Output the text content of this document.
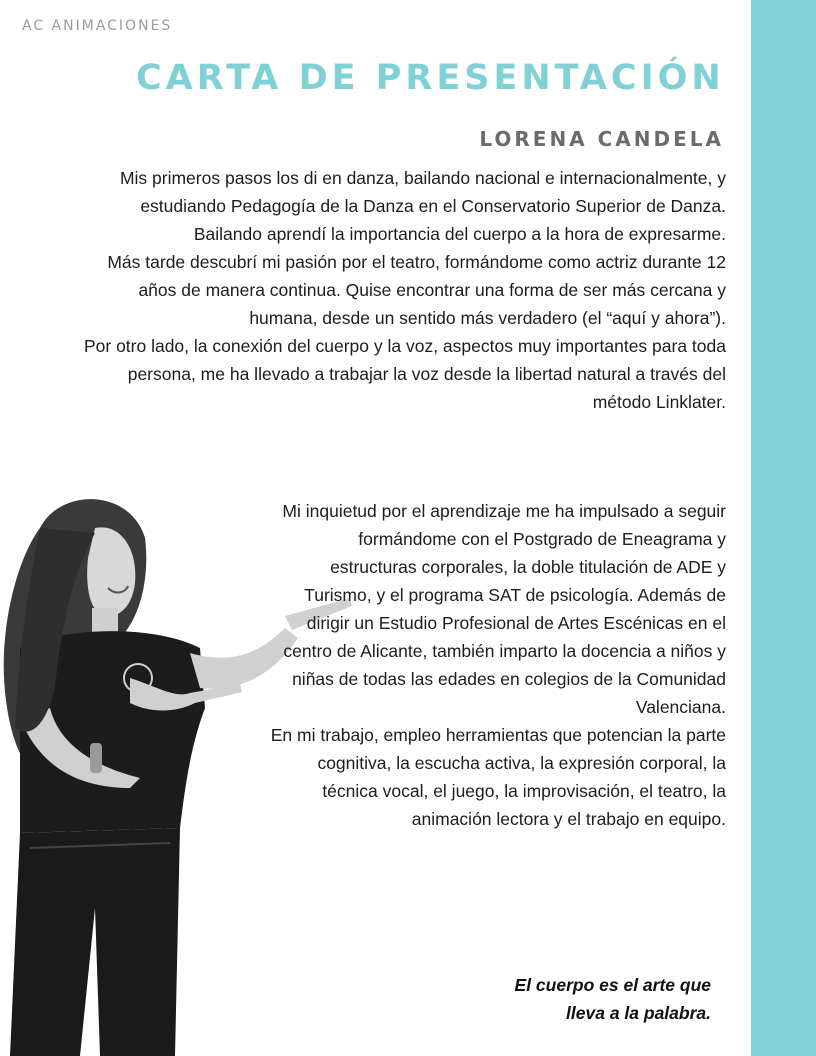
AC ANIMACIONES
CARTA DE PRESENTACIÓN
LORENA CANDELA

Mis primeros pasos los di en danza, bailando nacional e internacionalmente, y estudiando Pedagogía de la Danza en el Conservatorio Superior de Danza. Bailando aprendí la importancia del cuerpo a la hora de expresarme.

Más tarde descubrí mi pasión por el teatro, formándome como actriz durante 12 años de manera continua. Quise encontrar una forma de ser más cercana y humana, desde un sentido más verdadero (el “aquí y ahora”).

Por otro lado, la conexión del cuerpo y la voz, aspectos muy importantes para toda persona, me ha llevado a trabajar la voz desde la libertad natural a través del método Linklater.

Mi inquietud por el aprendizaje me ha impulsado a seguir formándome con el Postgrado de Eneagrama y estructuras corporales, la doble titulación de ADE y Turismo, y el programa SAT de psicología. Además de dirigir un Estudio Profesional de Artes Escénicas en el centro de Alicante, también imparto la docencia a niños y niñas de todas las edades en colegios de la Comunidad Valenciana.

En mi trabajo, empleo herramientas que potencian la parte cognitiva, la escucha activa, la expresión corporal, la técnica vocal, el juego, la improvisación, el teatro, la animación lectora y el trabajo en equipo.

El cuerpo es el arte que
lleva a la palabra.
